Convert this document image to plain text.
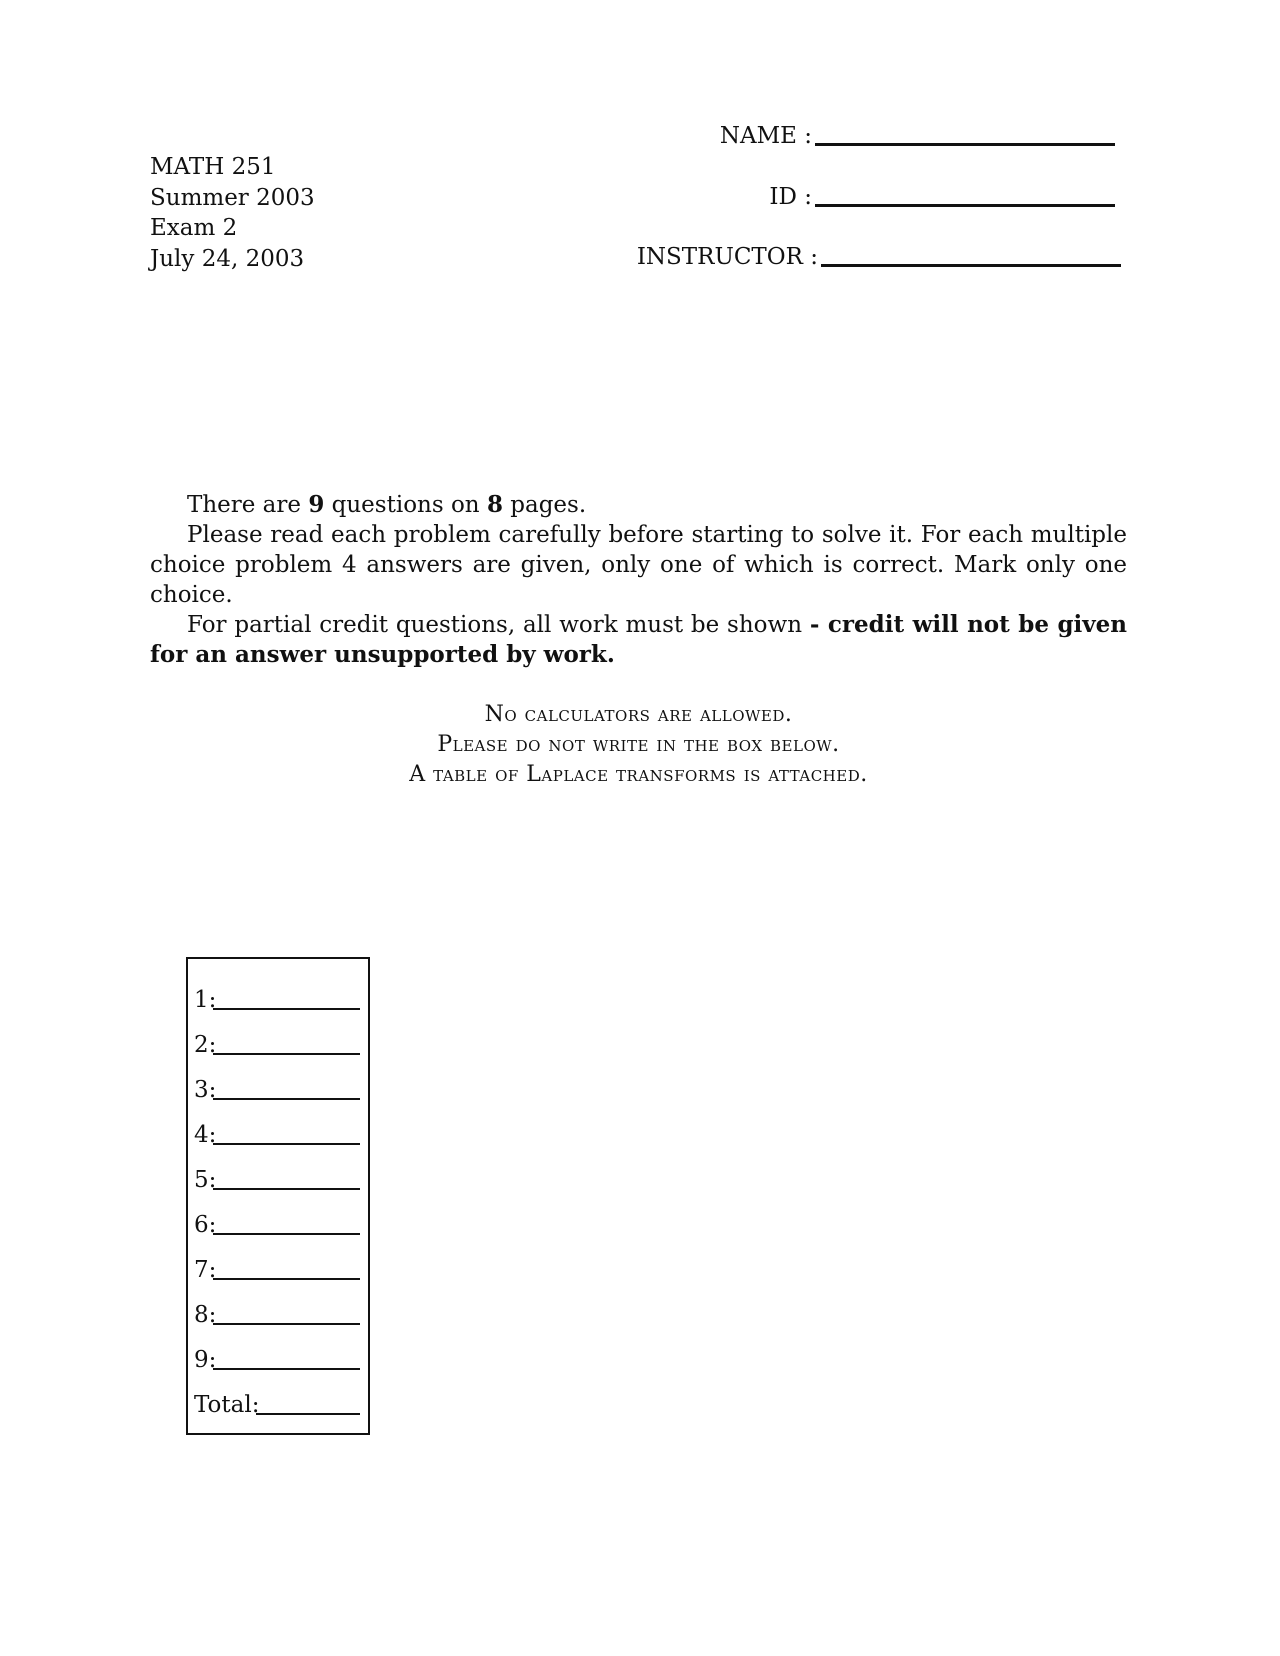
MATH 251
Summer 2003
Exam 2
July 24, 2003
NAME :
ID :
INSTRUCTOR :

There are 9 questions on 8 pages.

Please read each problem carefully before starting to solve it. For each multiple choice problem 4 answers are given, only one of which is correct. Mark only one choice.

For partial credit questions, all work must be shown - credit will not be given for an answer unsupported by work.

No calculators are allowed.
Please do not write in the box below.
A table of Laplace transforms is attached.
1:
2:
3:
4:
5:
6:
7:
8:
9:
Total:
